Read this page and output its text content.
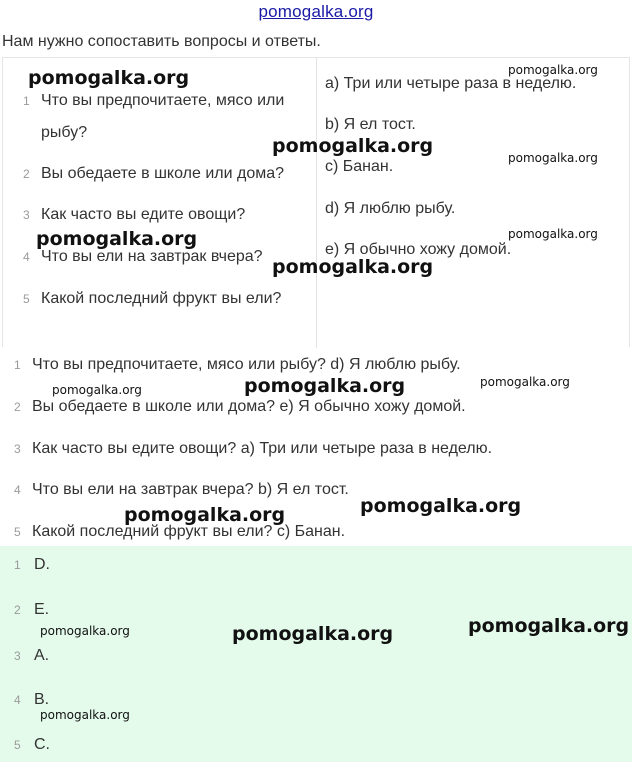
pomogalka.org
Нам нужно сопоставить вопросы и ответы.
1 Что вы предпочитаете, мясо или
рыбу?
2 Вы обедаете в школе или дома?
3 Как часто вы едите овощи?
4 Что вы ели на завтрак вчера?
5 Какой последний фрукт вы ели?
a) Три или четыре раза в неделю.
b) Я ел тост.
c) Банан.
d) Я люблю рыбу.
e) Я обычно хожу домой.
1 Что вы предпочитаете, мясо или рыбу? d) Я люблю рыбу.
2 Вы обедаете в школе или дома? e) Я обычно хожу домой.
3 Как часто вы едите овощи? a) Три или четыре раза в неделю.
4 Что вы ели на завтрак вчера? b) Я ел тост.
5 Какой последний фрукт вы ели? c) Банан.
1 D.
2 E.
3 A.
4 B.
5 C.
pomogalka.org	pomogalka.org
pomogalka.org
pomogalka.org
pomogalka.org	pomogalka.org
pomogalka.org
pomogalka.org	pomogalka.org	pomogalka.org
pomogalka.org
pomogalka.org
pomogalka.org	pomogalka.org	pomogalka.org
pomogalka.org
